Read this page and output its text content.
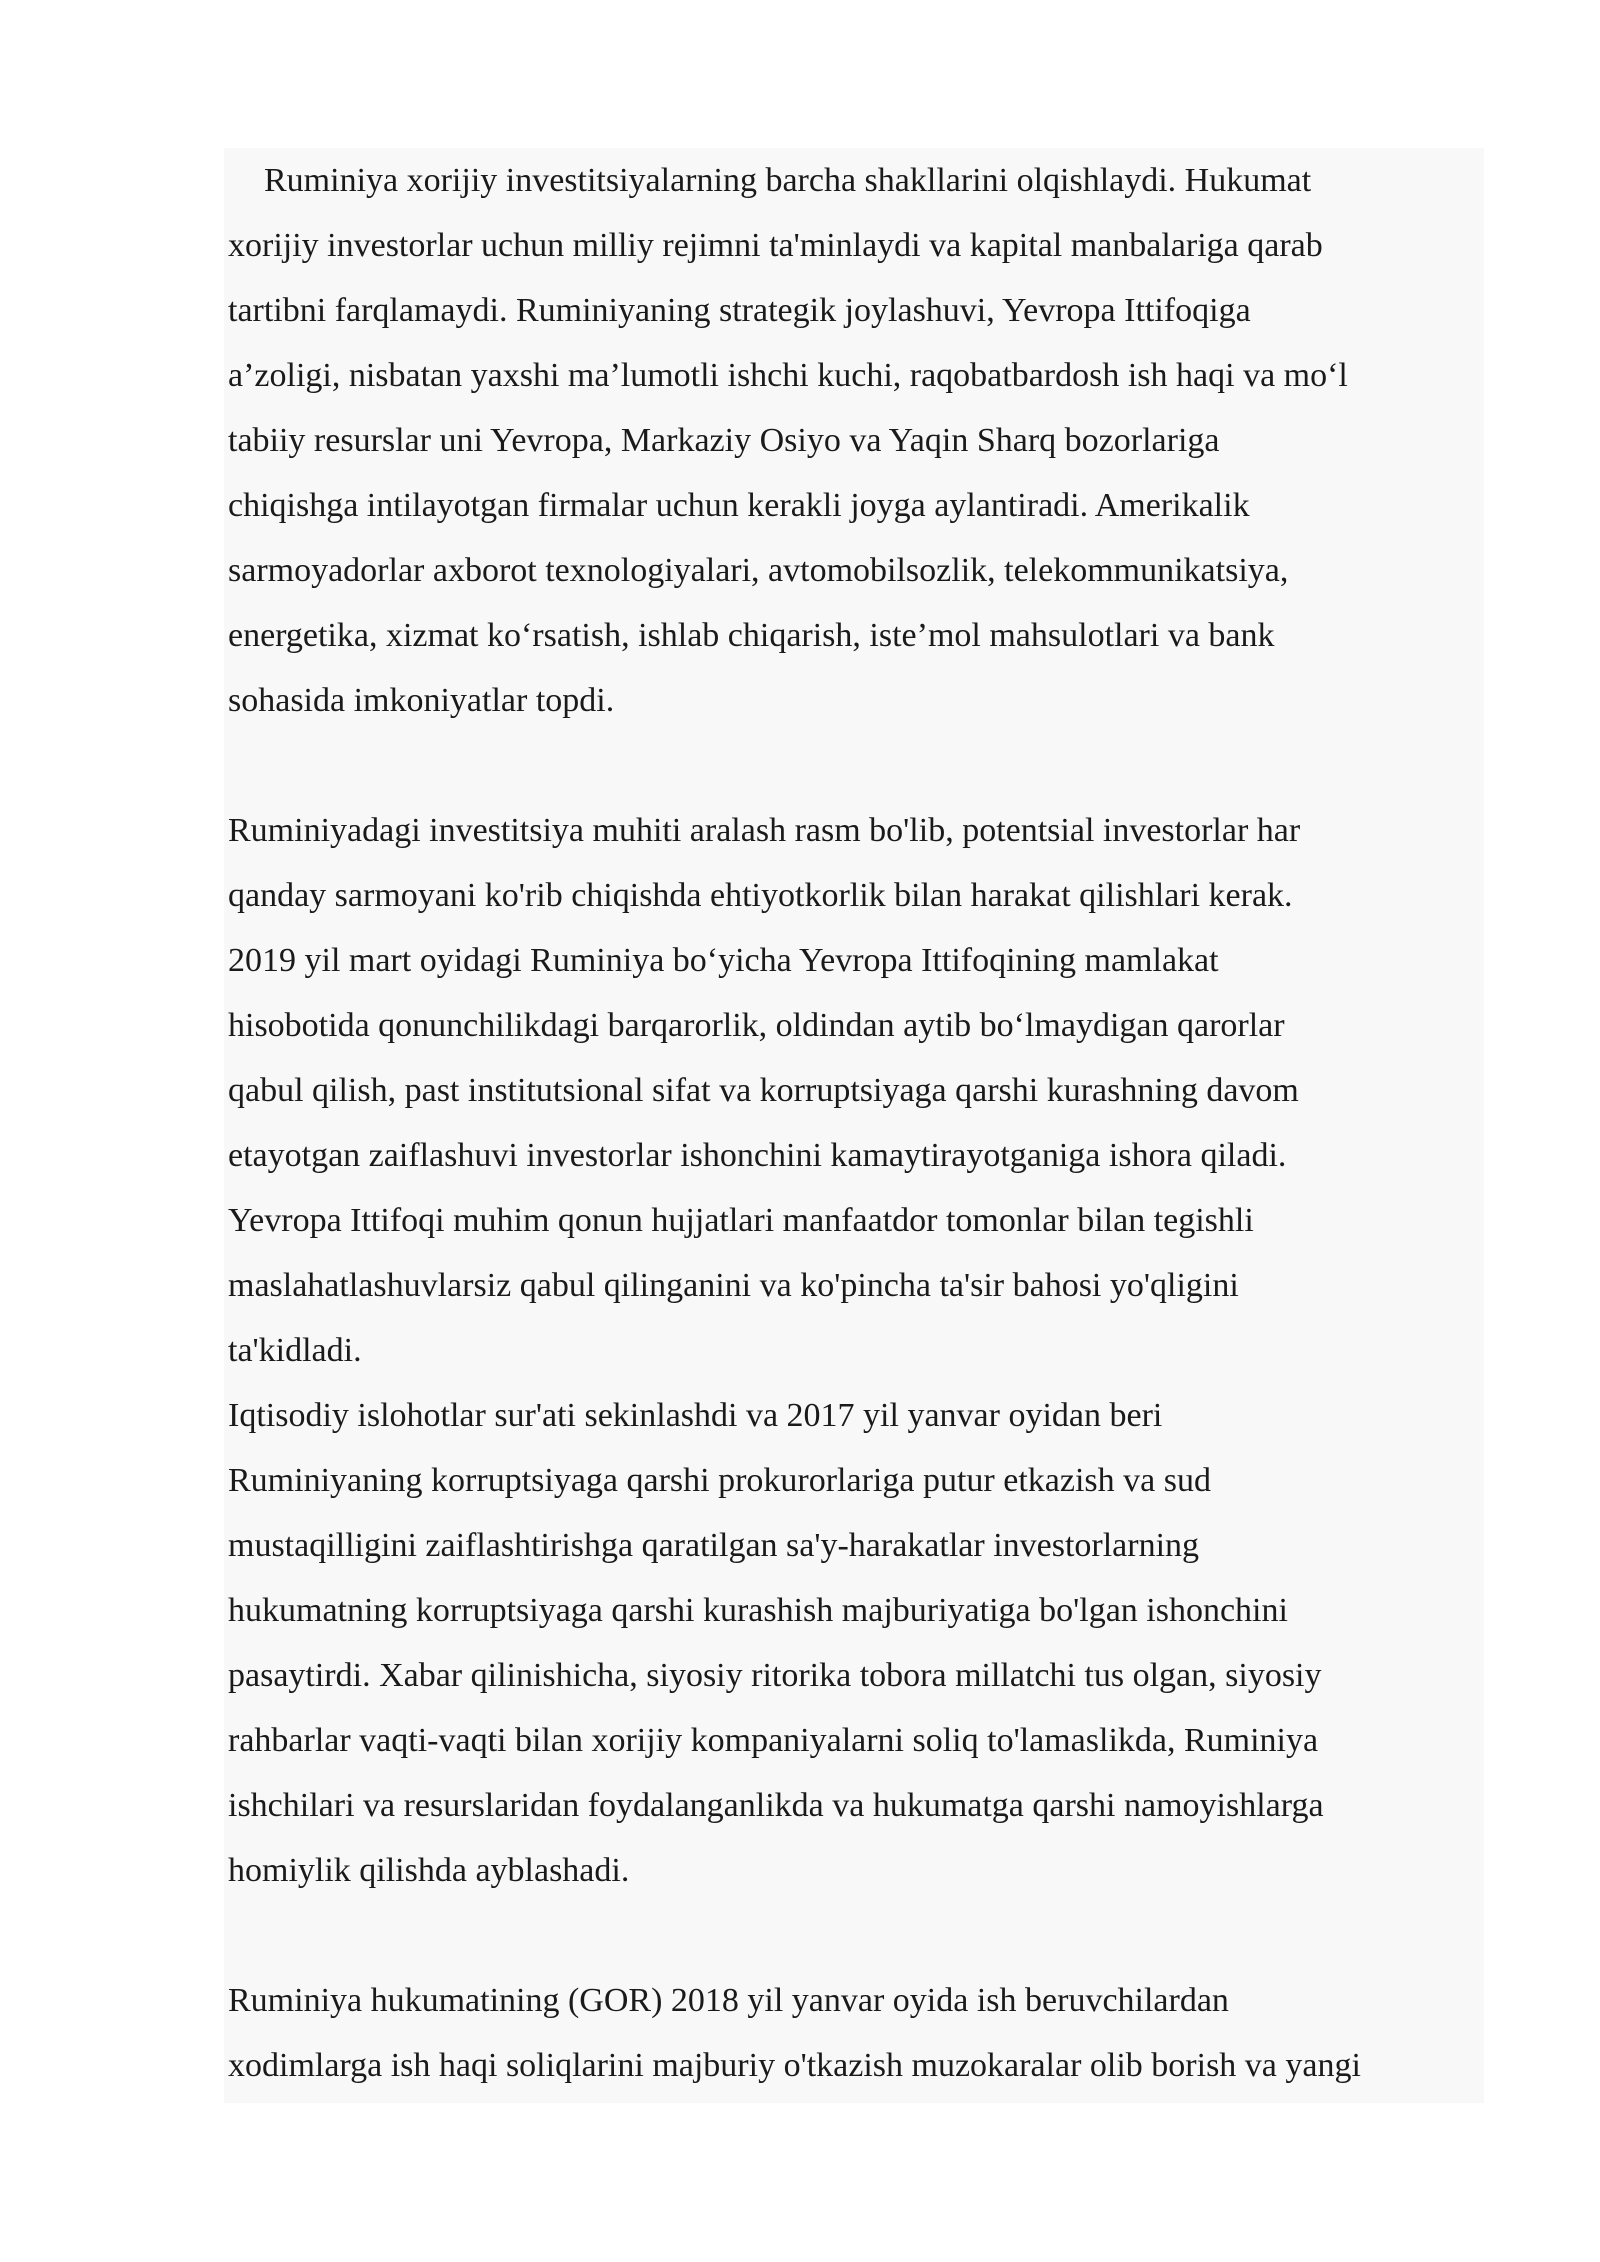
Ruminiya xorijiy investitsiyalarning barcha shakllarini olqishlaydi. Hukumat
xorijiy investorlar uchun milliy rejimni ta'minlaydi va kapital manbalariga qarab
tartibni farqlamaydi. Ruminiyaning strategik joylashuvi, Yevropa Ittifoqiga
a’zoligi, nisbatan yaxshi ma’lumotli ishchi kuchi, raqobatbardosh ish haqi va mo‘l
tabiiy resurslar uni Yevropa, Markaziy Osiyo va Yaqin Sharq bozorlariga
chiqishga intilayotgan firmalar uchun kerakli joyga aylantiradi. Amerikalik
sarmoyadorlar axborot texnologiyalari, avtomobilsozlik, telekommunikatsiya,
energetika, xizmat ko‘rsatish, ishlab chiqarish, iste’mol mahsulotlari va bank
sohasida imkoniyatlar topdi.
Ruminiyadagi investitsiya muhiti aralash rasm bo'lib, potentsial investorlar har
qanday sarmoyani ko'rib chiqishda ehtiyotkorlik bilan harakat qilishlari kerak.
2019 yil mart oyidagi Ruminiya bo‘yicha Yevropa Ittifoqining mamlakat
hisobotida qonunchilikdagi barqarorlik, oldindan aytib bo‘lmaydigan qarorlar
qabul qilish, past institutsional sifat va korruptsiyaga qarshi kurashning davom
etayotgan zaiflashuvi investorlar ishonchini kamaytirayotganiga ishora qiladi.
Yevropa Ittifoqi muhim qonun hujjatlari manfaatdor tomonlar bilan tegishli
maslahatlashuvlarsiz qabul qilinganini va ko'pincha ta'sir bahosi yo'qligini
ta'kidladi.
Iqtisodiy islohotlar sur'ati sekinlashdi va 2017 yil yanvar oyidan beri
Ruminiyaning korruptsiyaga qarshi prokurorlariga putur etkazish va sud
mustaqilligini zaiflashtirishga qaratilgan sa'y-harakatlar investorlarning
hukumatning korruptsiyaga qarshi kurashish majburiyatiga bo'lgan ishonchini
pasaytirdi. Xabar qilinishicha, siyosiy ritorika tobora millatchi tus olgan, siyosiy
rahbarlar vaqti-vaqti bilan xorijiy kompaniyalarni soliq to'lamaslikda, Ruminiya
ishchilari va resurslaridan foydalanganlikda va hukumatga qarshi namoyishlarga
homiylik qilishda ayblashadi.
Ruminiya hukumatining (GOR) 2018 yil yanvar oyida ish beruvchilardan
xodimlarga ish haqi soliqlarini majburiy o'tkazish muzokaralar olib borish va yangi
